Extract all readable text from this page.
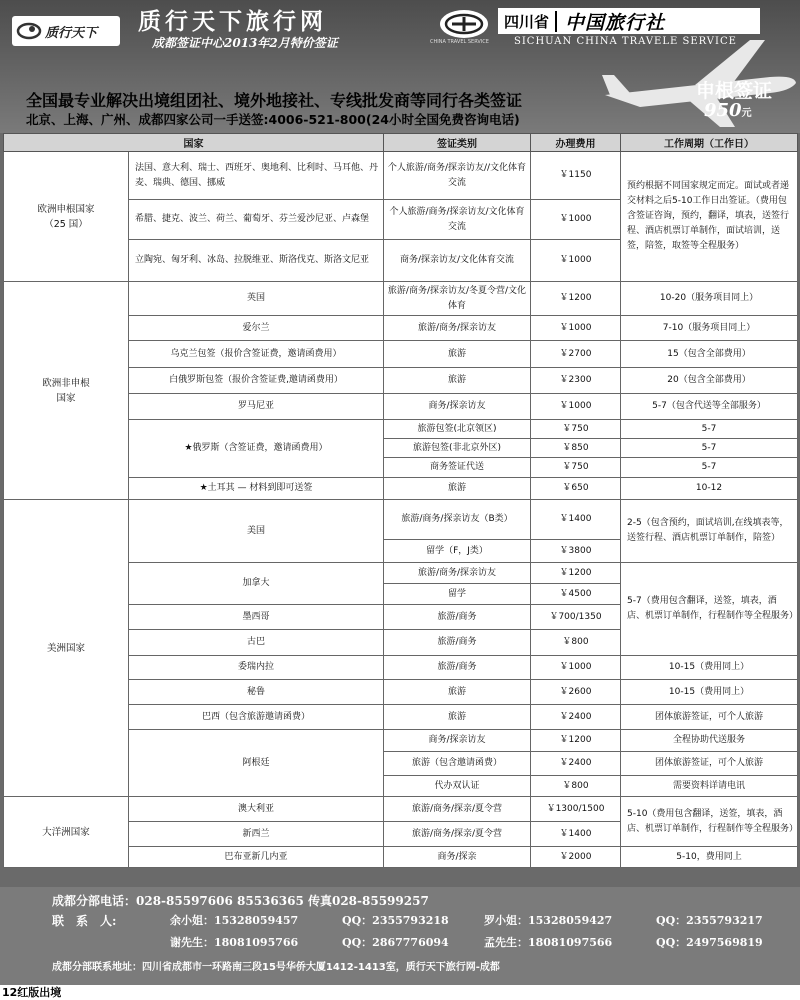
质行天下 质行天下旅行网
成都签证中心2013年2月特价签证	CHINA TRAVEL SERVICE
四川省 中国旅行社
SICHUAN CHINA TRAVELE SERVICE
全国最专业解决出境组团社、境外地接社、专线批发商等同行各类签证
北京、上海、广州、成都四家公司一手送签:4006-521-800(24小时全国免费咨询电话)
申根签证
950元
国家		签证类别	办理费用	工作周期（工作日）
欧洲申根国家
（25 国）	法国、意大利、瑞士、西班牙、奥地利、比利时、马耳他、丹麦、瑞典、德国、挪威	个人旅游/商务/探亲访友//文化体育交流	￥1150	预约根据不同国家规定而定。面试或者递交材料之后5-10工作日出签证。（费用包含签证咨询，预约，翻译，填表，送签行程、酒店机票订单制作，面试培训，送签，陪签，取签等全程服务）
	希腊、捷克、波兰、荷兰、葡萄牙、芬兰爱沙尼亚、卢森堡	个人旅游/商务/探亲访友/文化体育交流	￥1000	
	立陶宛、匈牙利、冰岛、拉脱维亚、斯洛伐克、斯洛文尼亚	商务/探亲访友/文化体育交流	￥1000	
欧洲非申根
国家	英国	旅游/商务/探亲访友/冬夏令营/文化体育	￥1200	10-20（服务项目同上）
	爱尔兰	旅游/商务/探亲访友	￥1000	7-10（服务项目同上）
	乌克兰包签（报价含签证费，邀请函费用）	旅游	￥2700	15（包含全部费用）
	白俄罗斯包签（报价含签证费,邀请函费用）	旅游	￥2300	20（包含全部费用）
	罗马尼亚	商务/探亲访友	￥1000	5-7（包含代送等全部服务）
	★俄罗斯（含签证费，邀请函费用）	旅游包签(北京领区)	￥750	5-7
		旅游包签(非北京外区)	￥850	5-7
		商务签证代送	￥750	5-7
	★土耳其 — 材料到即可送签	旅游	￥650	10-12
美洲国家	美国	旅游/商务/探亲访友（B类）	￥1400	2-5（包含预约，面试培训,在线填表等，送签行程、酒店机票订单制作，陪签）
		留学（F，J类）	￥3800	
	加拿大	旅游/商务/探亲访友	￥1200	5-7（费用包含翻译，送签，填表，酒店、机票订单制作，行程制作等全程服务）
		留学	￥4500	
	墨西哥	旅游/商务	￥700/1350	
	古巴	旅游/商务	￥800	
	委瑞内拉	旅游/商务	￥1000	10-15（费用同上）
	秘鲁	旅游	￥2600	10-15（费用同上）
	巴西（包含旅游邀请函费）	旅游	￥2400	团体旅游签证，可个人旅游
	阿根廷	商务/探亲访友	￥1200	全程协助代送服务
		旅游（包含邀请函费）	￥2400	团体旅游签证，可个人旅游
		代办双认证	￥800	需要资料详请电讯
大洋洲国家	澳大利亚	旅游/商务/探亲/夏令营	￥1300/1500	5-10（费用包含翻译，送签，填表，酒店、机票订单制作，行程制作等全程服务）
	新西兰	旅游/商务/探亲/夏令营	￥1400	
	巴布亚新几内亚	商务/探亲	￥2000	5-10，费用同上
成都分部电话：028-85597606 85536365 传真028-85599257
联　系　人:	余小姐：15328059457	QQ：2355793218	罗小姐：15328059427	QQ：2355793217
谢先生：18081095766	QQ：2867776094	孟先生：18081097566	QQ：2497569819
成都分部联系地址：四川省成都市一环路南三段15号华侨大厦1412-1413室，质行天下旅行网-成都
12红版出境
